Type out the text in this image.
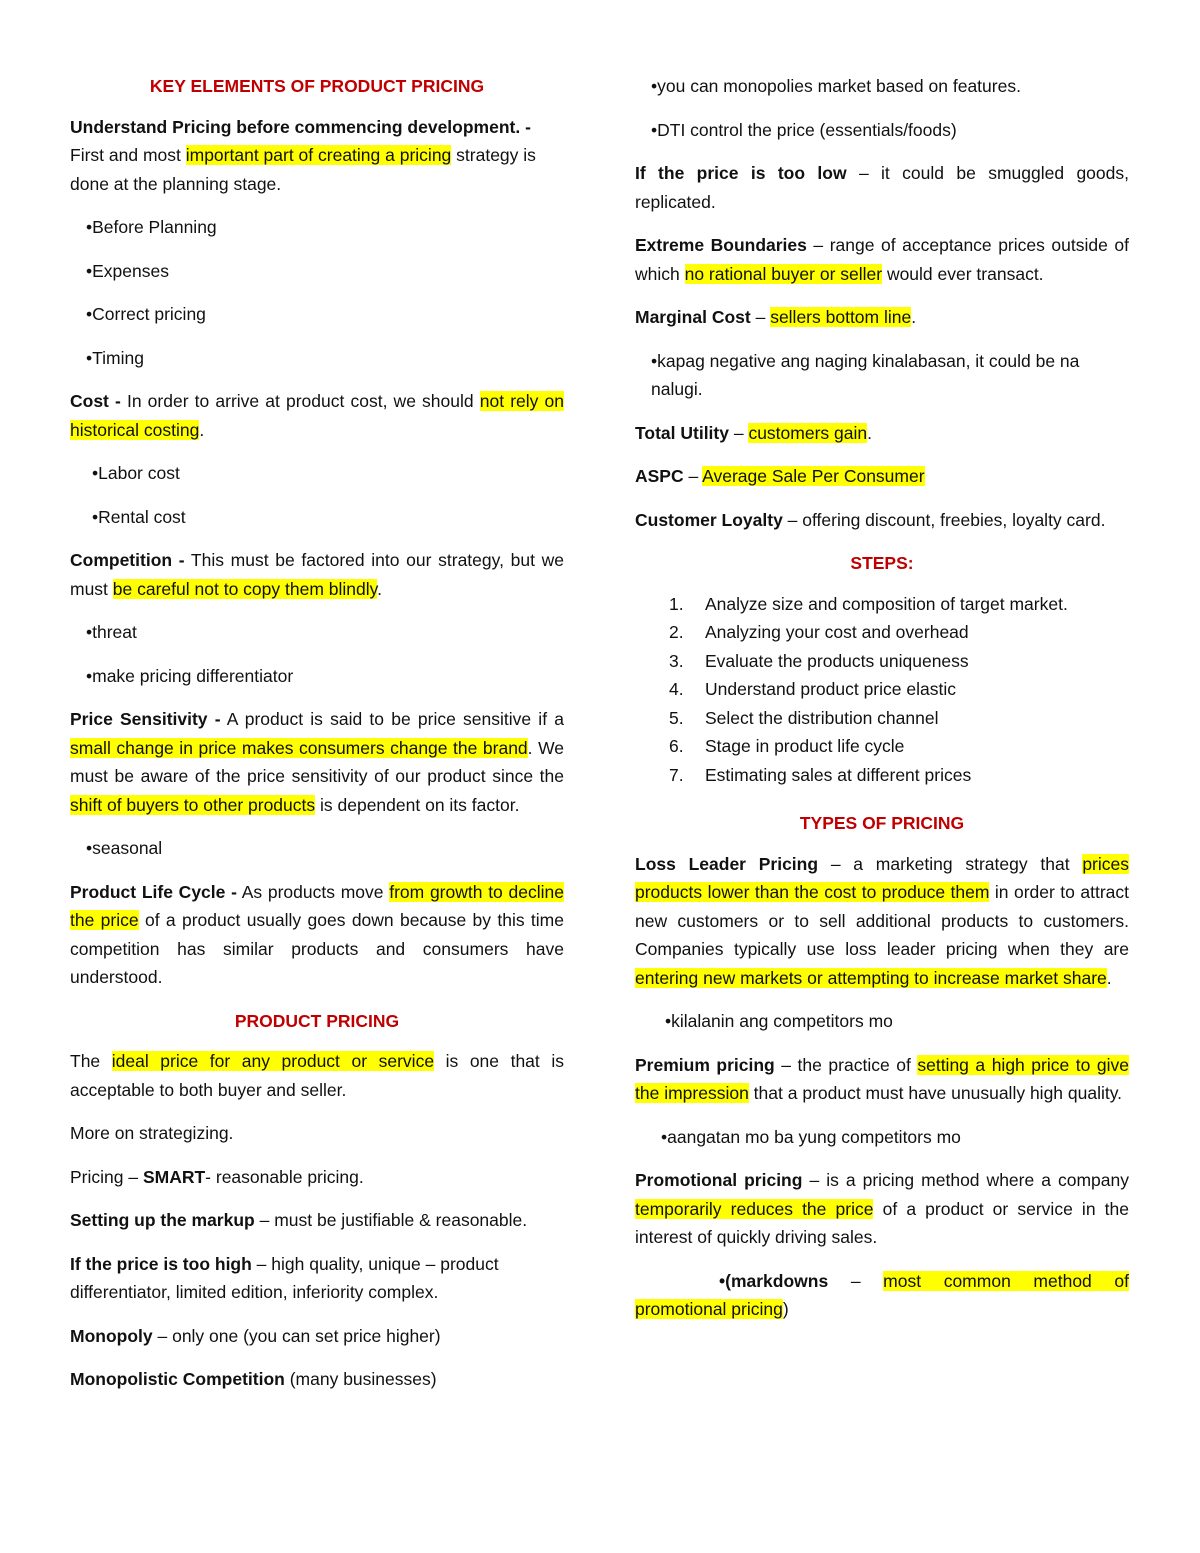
KEY ELEMENTS OF PRODUCT PRICING

Understand Pricing before commencing development. -
First and most important part of creating a pricing strategy is done at the planning stage.

•Before Planning

•Expenses

•Correct pricing

•Timing

Cost - In order to arrive at product cost, we should not rely on historical costing.

•Labor cost

•Rental cost

Competition - This must be factored into our strategy, but we must be careful not to copy them blindly.

•threat

•make pricing differentiator

Price Sensitivity - A product is said to be price sensitive if a small change in price makes consumers change the brand. We must be aware of the price sensitivity of our product since the shift of buyers to other products is dependent on its factor.

•seasonal

Product Life Cycle - As products move from growth to decline the price of a product usually goes down because by this time competition has similar products and consumers have understood.

PRODUCT PRICING

The ideal price for any product or service is one that is acceptable to both buyer and seller.

More on strategizing.

Pricing – SMART- reasonable pricing.

Setting up the markup – must be justifiable & reasonable.

If the price is too high – high quality, unique – product differentiator, limited edition, inferiority complex.

Monopoly – only one (you can set price higher)

Monopolistic Competition (many businesses)

•you can monopolies market based on features.

•DTI control the price (essentials/foods)

If the price is too low – it could be smuggled goods, replicated.

Extreme Boundaries – range of acceptance prices outside of which no rational buyer or seller would ever transact.

Marginal Cost – sellers bottom line.

•kapag negative ang naging kinalabasan, it could be na nalugi.

Total Utility – customers gain.

ASPC – Average Sale Per Consumer

Customer Loyalty – offering discount, freebies, loyalty card.

STEPS:
1. Analyze size and composition of target market.
2. Analyzing your cost and overhead
3. Evaluate the products uniqueness
4. Understand product price elastic
5. Select the distribution channel
6. Stage in product life cycle
7. Estimating sales at different prices
TYPES OF PRICING

Loss Leader Pricing – a marketing strategy that prices products lower than the cost to produce them in order to attract new customers or to sell additional products to customers. Companies typically use loss leader pricing when they are entering new markets or attempting to increase market share.

•kilalanin ang competitors mo

Premium pricing – the practice of setting a high price to give the impression that a product must have unusually high quality.

•aangatan mo ba yung competitors mo

Promotional pricing – is a pricing method where a company temporarily reduces the price of a product or service in the interest of quickly driving sales.

•(markdowns – most common method of promotional pricing)
